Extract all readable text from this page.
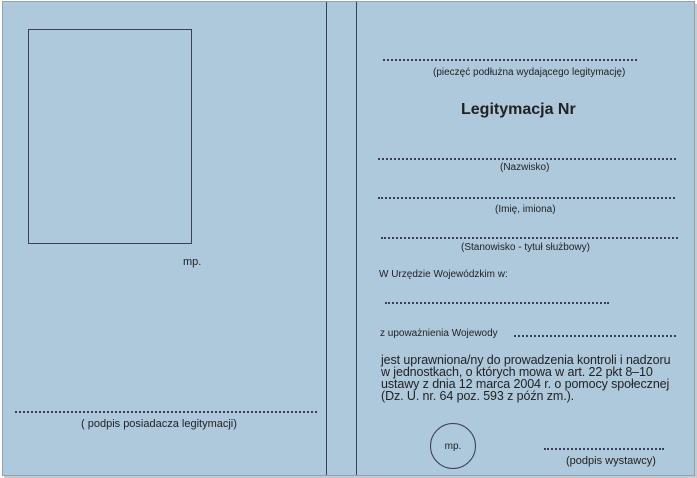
mp.
( podpis posiadacza legitymacji)
(pieczęć podłużna wydającego legitymację)
Legitymacja Nr
(Nazwisko)
(Imię, imiona)
(Stanowisko - tytuł służbowy)
W Urzędzie Wojewódzkim w:
z upoważnienia Wojewody
jest uprawniona/ny do prowadzenia kontroli i nadzoru
w jednostkach, o których mowa w art. 22 pkt 8–10
ustawy z dnia 12 marca 2004 r. o pomocy społecznej
(Dz. U. nr. 64 poz. 593 z późn zm.).
mp.
(podpis wystawcy)
